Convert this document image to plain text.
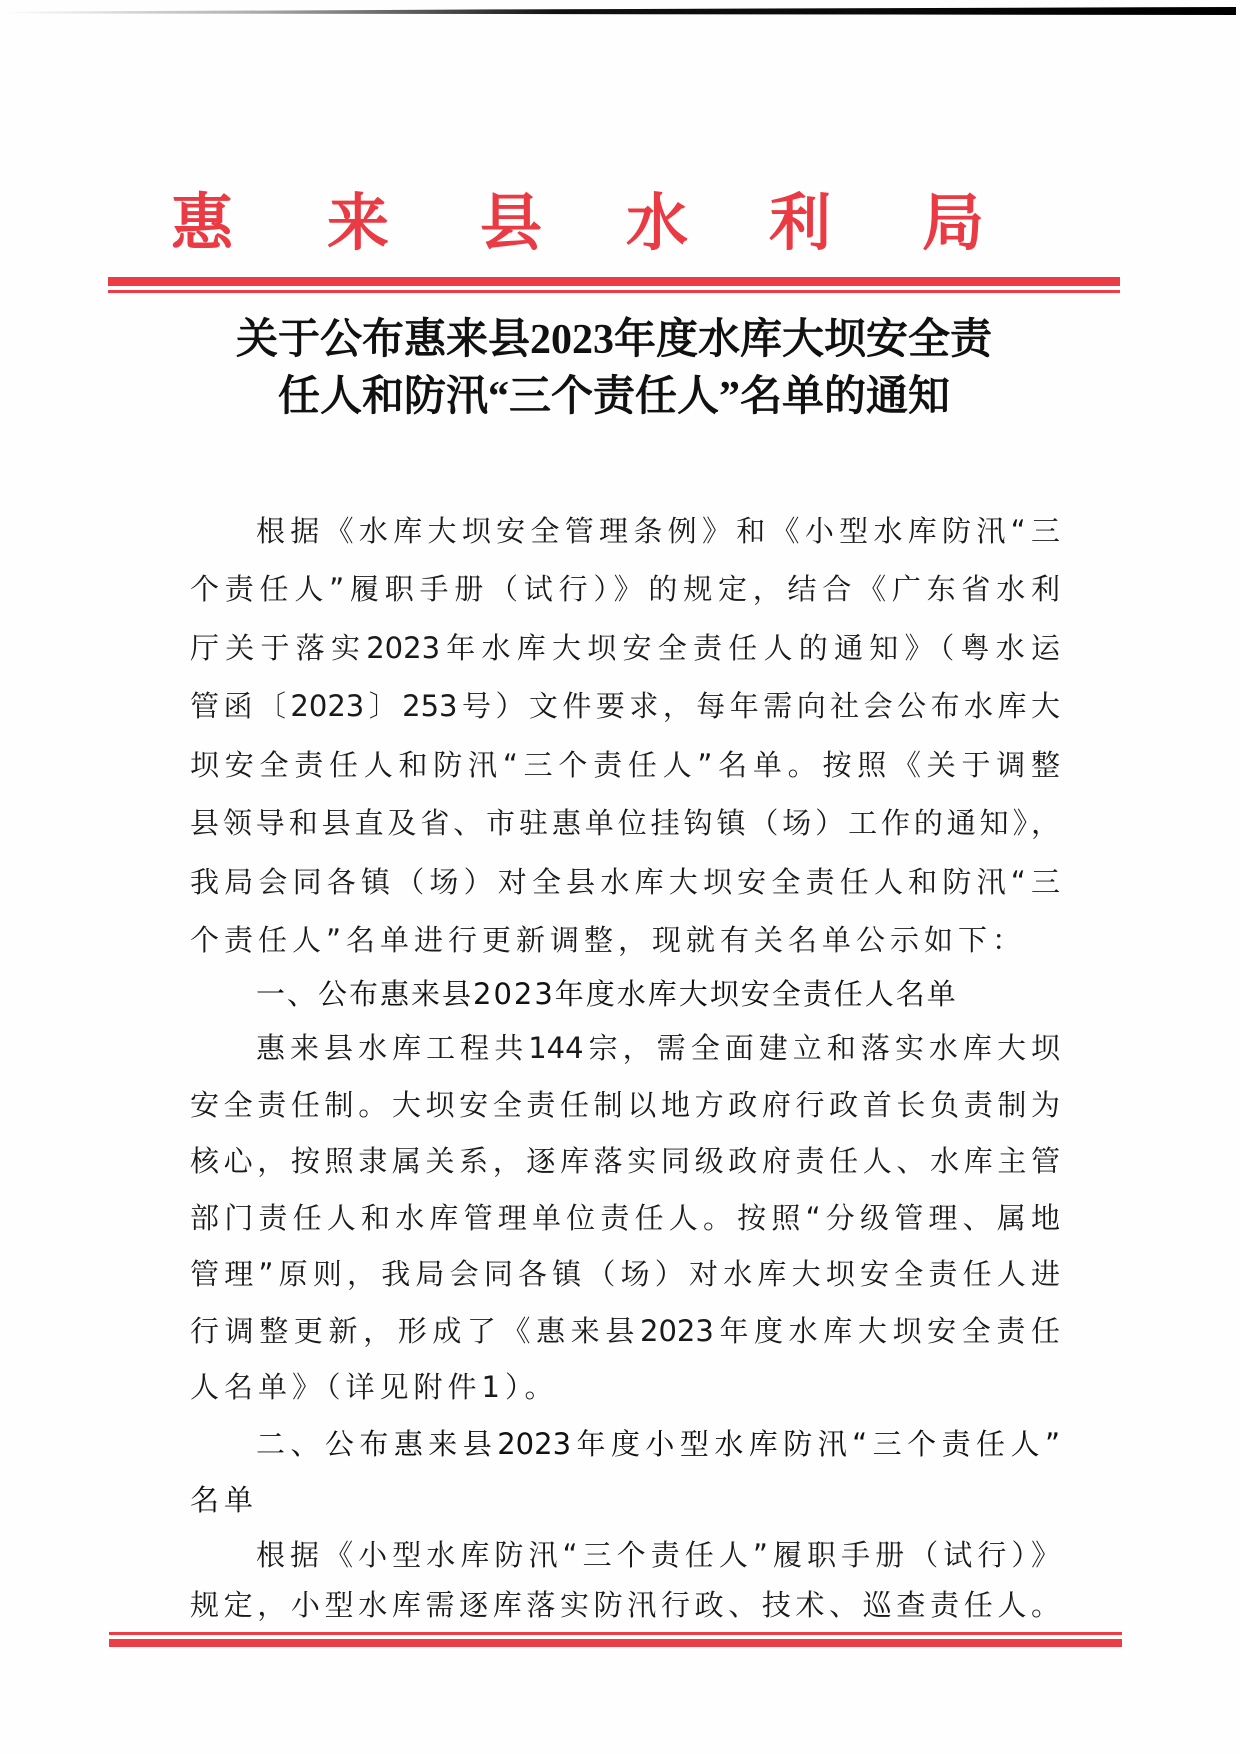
惠 来 县 水 利 局
关于公布惠来县2023年度水库大坝安全责
任人和防汛“三个责任人”名单的通知
根据《水库大坝安全管理条例》和《小型水库防汛“三
个责任人”履职手册（试行）》的规定，结合《广东省水利
厅关于落实2023年水库大坝安全责任人的通知》（粤水运
管函〔2023〕253号）文件要求，每年需向社会公布水库大
坝安全责任人和防汛“三个责任人”名单。按照《关于调整
县领导和县直及省、市驻惠单位挂钩镇（场）工作的通知》，
我局会同各镇（场）对全县水库大坝安全责任人和防汛“三
个责任人”名单进行更新调整，现就有关名单公示如下：
一、公布惠来县2023年度水库大坝安全责任人名单
惠来县水库工程共144宗，需全面建立和落实水库大坝
安全责任制。大坝安全责任制以地方政府行政首长负责制为
核心，按照隶属关系，逐库落实同级政府责任人、水库主管
部门责任人和水库管理单位责任人。按照“分级管理、属地
管理”原则，我局会同各镇（场）对水库大坝安全责任人进
行调整更新，形成了《惠来县2023年度水库大坝安全责任
人名单》（详见附件1）。
二、公布惠来县2023年度小型水库防汛“三个责任人”
名单
根据《小型水库防汛“三个责任人”履职手册（试行）》
规定，小型水库需逐库落实防汛行政、技术、巡查责任人。
